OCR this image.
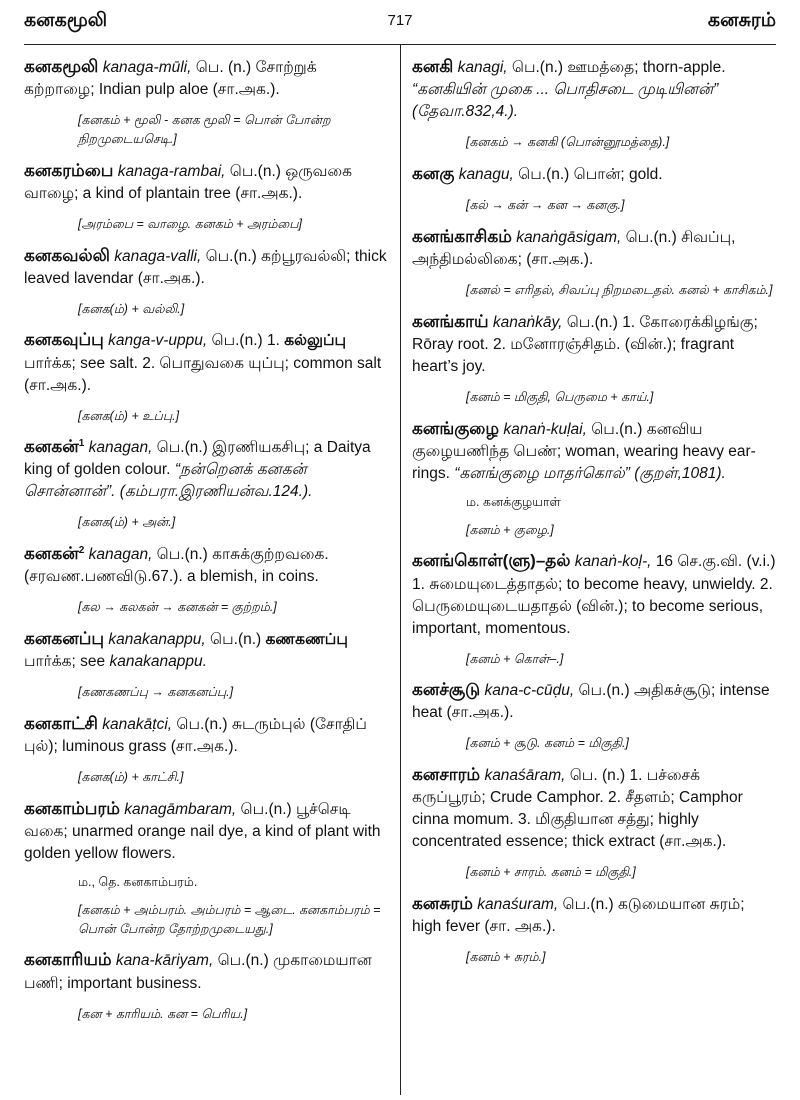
கனகமூலி	717	கனசுரம்

கனகமூலி kanaga-mūli, பெ. (n.) சோற்றுக் கற்றாழை; Indian pulp aloe (சா.அக.).

[கனகம் + மூலி - கனக மூலி = பொன் போன்ற நிறமுடையசெடி.]

கனகரம்பை kanaga-rambai, பெ.(n.) ஒருவகை வாழை; a kind of plantain tree (சா.அக.).

[அரம்பை = வாழை. கனகம் + அரம்பை]

கனகவல்லி kanaga-valli, பெ.(n.) கற்பூரவல்லி; thick leaved lavendar (சா.அக.).

[கனக(ம்) + வல்லி.]

கனகவுப்பு kanga-v-uppu, பெ.(n.) 1. கல்லுப்பு பார்க்க; see salt. 2. பொதுவகை யுப்பு; common salt (சா.அக.).

[கனக(ம்) + உப்பு.]

கனகன்$^1$ kanagan, பெ.(n.) இரணியகசிபு; a Daitya king of golden colour. “நன்றெனக் கனகன் சொன்னான்”. (கம்பரா.இரணியன்வ.124.).

[கனக(ம்) + அன்.]

கனகன்$^2$ kanagan, பெ.(n.) காசுக்குற்றவகை. (சரவண.பணவிடு.67.). a blemish, in coins.

[கல → கலகன் → கனகன் = குற்றம்.]

கனகனப்பு kanakanappu, பெ.(n.) கணகணப்பு பார்க்க; see kanakanappu.

[கணகணப்பு → கனகனப்பு.]

கனகாட்சி kanakāṭci, பெ.(n.) சுடரும்புல் (சோதிப் புல்); luminous grass (சா.அக.).

[கனக(ம்) + காட்சி.]

கனகாம்பரம் kanagāmbaram, பெ.(n.) பூச்செடி வகை; unarmed orange nail dye, a kind of plant with golden yellow flowers.

ம., தெ. கனகாம்பரம்.
[கனகம் + அம்பரம். அம்பரம் = ஆடை. கனகாம்பரம் = பொன் போன்ற தோற்றமுடையது.]

கனகாரியம் kana-kāriyam, பெ.(n.) முகாமையான பணி; important business.

[கன + காரியம். கன = பெரிய.]

கனகி kanagi, பெ.(n.) ஊமத்தை; thorn-apple. “கனகியின் முகை ... பொதிசடை முடியினன்” (தேவா.832,4.).

[கனகம் → கனகி (பொன்னூமத்தை).]

கனகு kanagu, பெ.(n.) பொன்; gold.

[கல் → கன் → கன → கனகு.]

கனங்காசிகம் kanaṅgāsigam, பெ.(n.) சிவப்பு, அந்திமல்லிகை; (சா.அக.).

[கனல் = எரிதல், சிவப்பு நிறமடைதல். கனல் + காசிகம்.]

கனங்காய் kanaṅkāy, பெ.(n.) 1. கோரைக்கிழங்கு; Rōray root. 2. மனோரஞ்சிதம். (வின்.); fragrant heart’s joy.

[கனம் = மிகுதி, பெருமை + காய்.]

கனங்குழை kanaṅ-kuḷai, பெ.(n.) கனவிய குழையணிந்த பெண்; woman, wearing heavy ear-rings. “கனங்குழை மாதர்கொல்” (குறள்,1081).

ம. கனக்குழயாள்
[கனம் + குழை.]

கனங்கொள்(ளு)–தல் kanaṅ-koḷ-, 16 செ.கு.வி. (v.i.) 1. சுமையுடைத்தாதல்; to become heavy, unwieldy. 2. பெருமையுடையதாதல் (வின்.); to become serious, important, momentous.

[கனம் + கொள்–.]

கனச்சூடு kana-c-cūḍu, பெ.(n.) அதிகச்சூடு; intense heat (சா.அக.).

[கனம் + சூடு. கனம் = மிகுதி.]

கனசாரம் kanaśāram, பெ. (n.) 1. பச்சைக் கருப்பூரம்; Crude Camphor. 2. சீதளம்; Camphor cinna momum. 3. மிகுதியான சத்து; highly concentrated essence; thick extract (சா.அக.).

[கனம் + சாரம். கனம் = மிகுதி.]

கனசுரம் kanaśuram, பெ.(n.) கடுமையான சுரம்; high fever (சா. அக.).

[கனம் + சுரம்.]
